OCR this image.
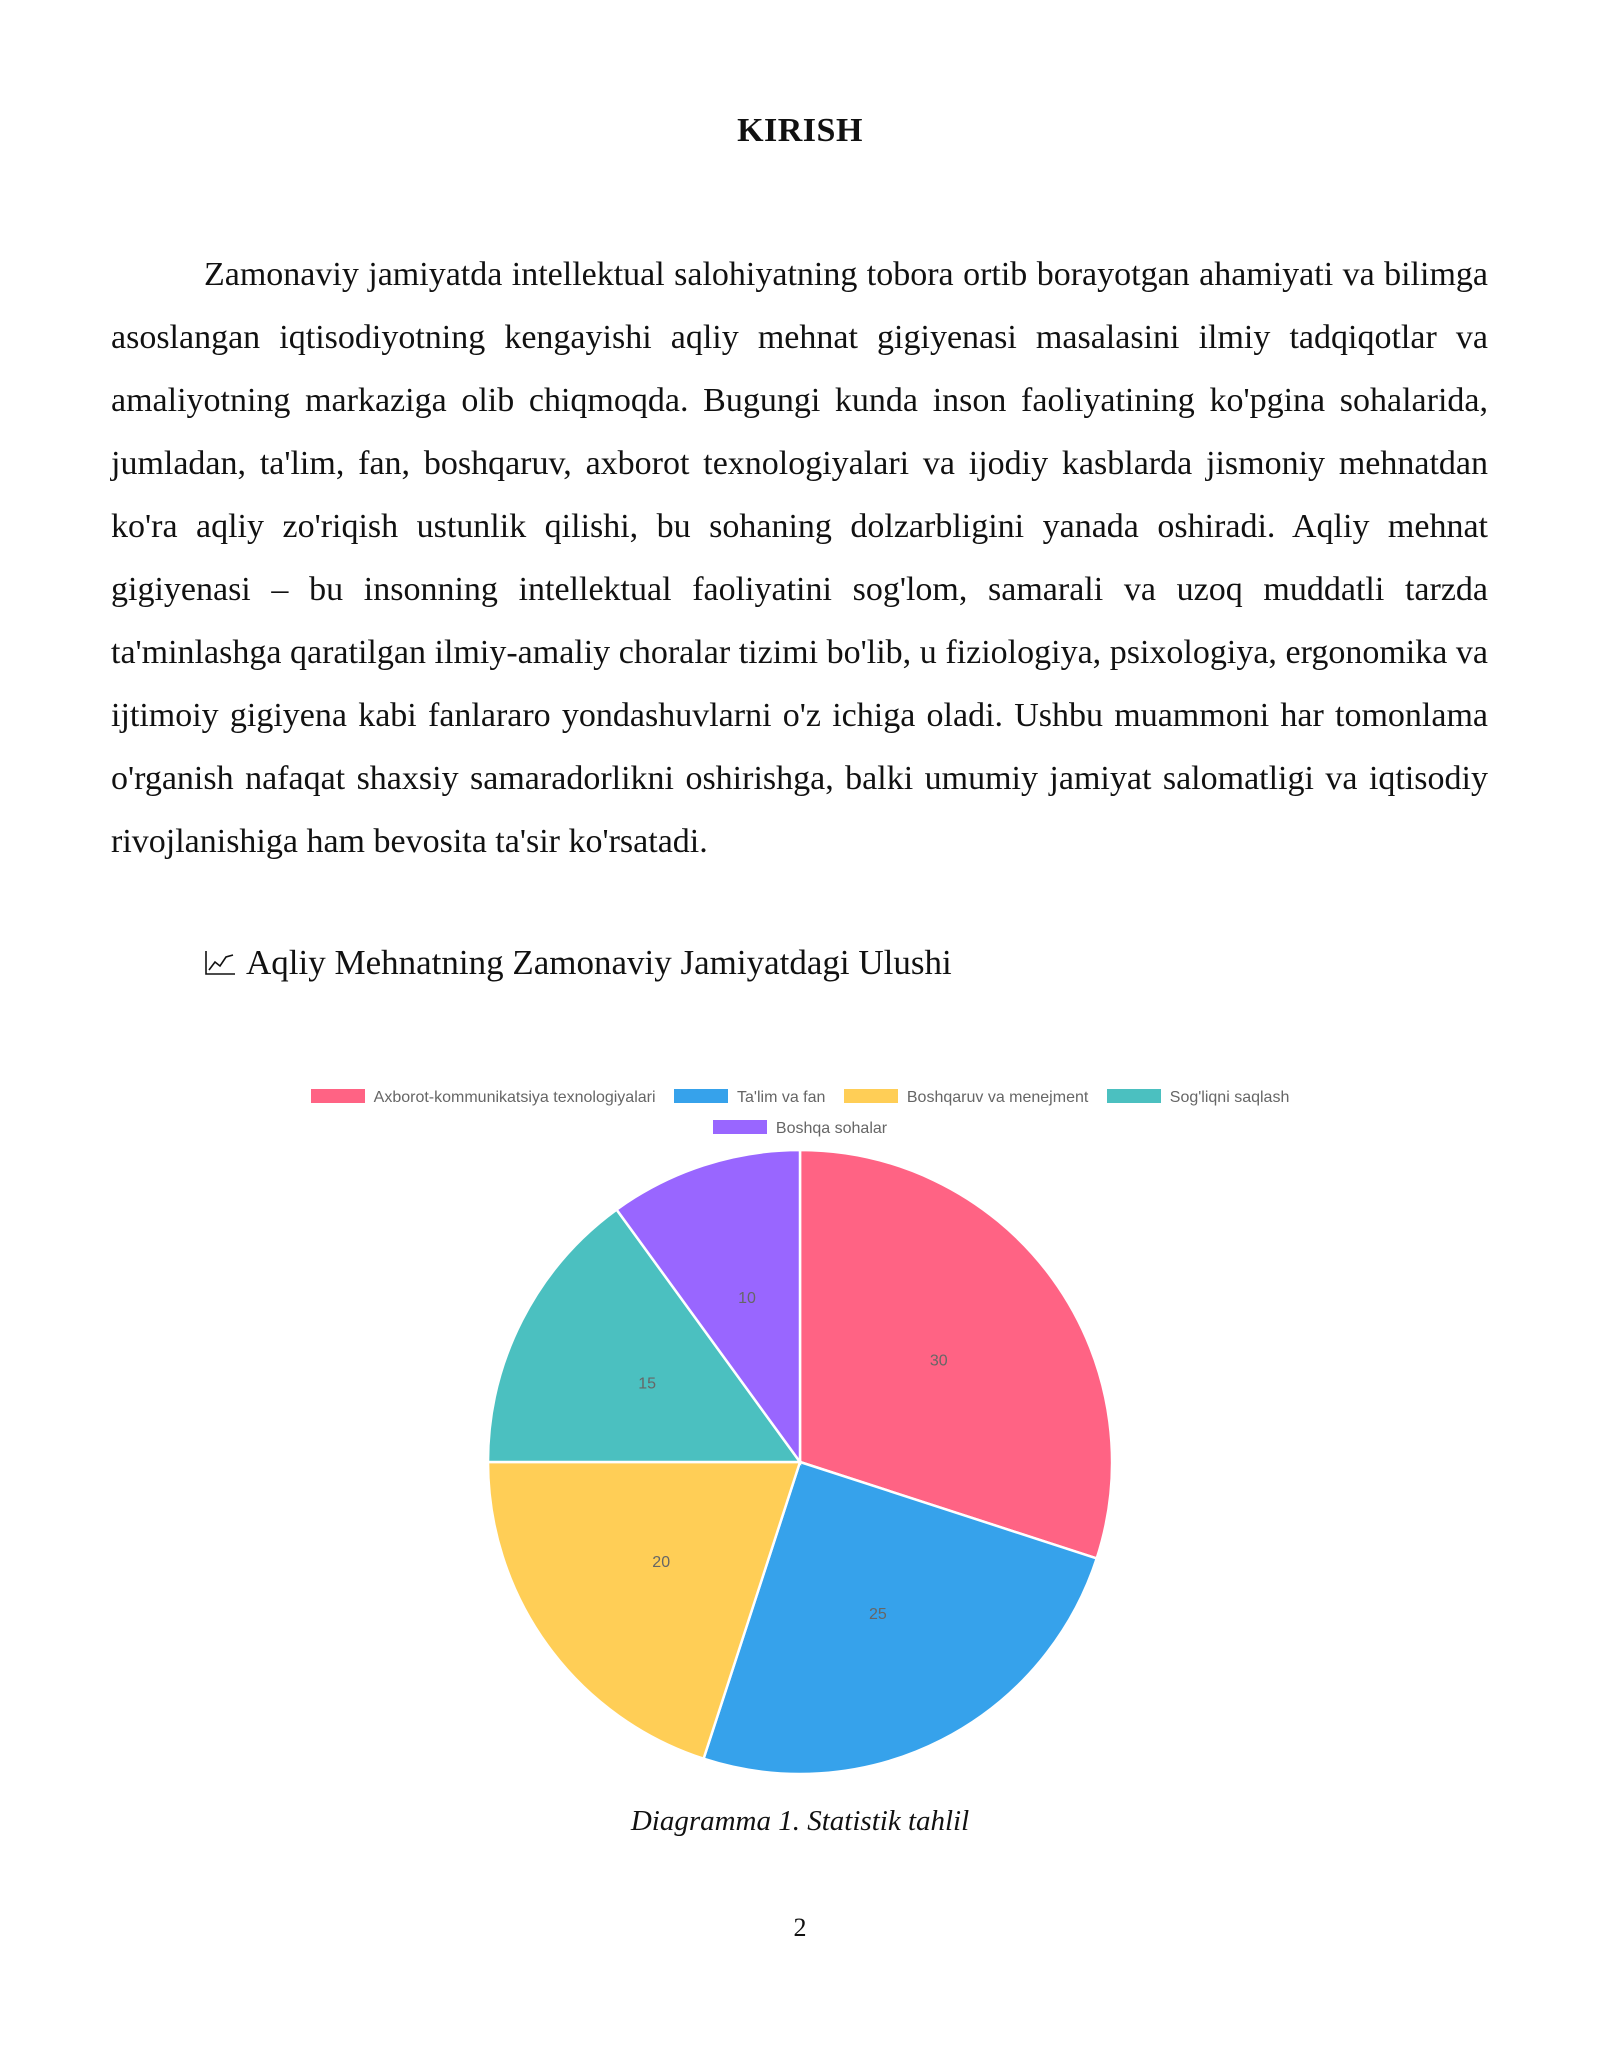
KIRISH

Zamonaviy jamiyatda intellektual salohiyatning tobora ortib borayotgan ahamiyati va bilimga asoslangan iqtisodiyotning kengayishi aqliy mehnat gigiyenasi masalasini ilmiy tadqiqotlar va amaliyotning markaziga olib chiqmoqda. Bugungi kunda inson faoliyatining ko'pgina sohalarida, jumladan, ta'lim, fan, boshqaruv, axborot texnologiyalari va ijodiy kasblarda jismoniy mehnatdan ko'ra aqliy zo'riqish ustunlik qilishi, bu sohaning dolzarbligini yanada oshiradi. Aqliy mehnat gigiyenasi – bu insonning intellektual faoliyatini sog'lom, samarali va uzoq muddatli tarzda ta'minlashga qaratilgan ilmiy-amaliy choralar tizimi bo'lib, u fiziologiya, psixologiya, ergonomika va ijtimoiy gigiyena kabi fanlararo yondashuvlarni o'z ichiga oladi. Ushbu muammoni har tomonlama o'rganish nafaqat shaxsiy samaradorlikni oshirishga, balki umumiy jamiyat salomatligi va iqtisodiy rivojlanishiga ham bevosita ta'sir ko'rsatadi.

Aqliy Mehnatning Zamonaviy Jamiyatdagi Ulushi
Axborot-kommunikatsiya texnologiyalari	Ta'lim va fan	Boshqaruv va menejment	Sog'liqni saqlash
Boshqa sohalar
30
25
20
15
10
Diagramma 1. Statistik tahlil
2
